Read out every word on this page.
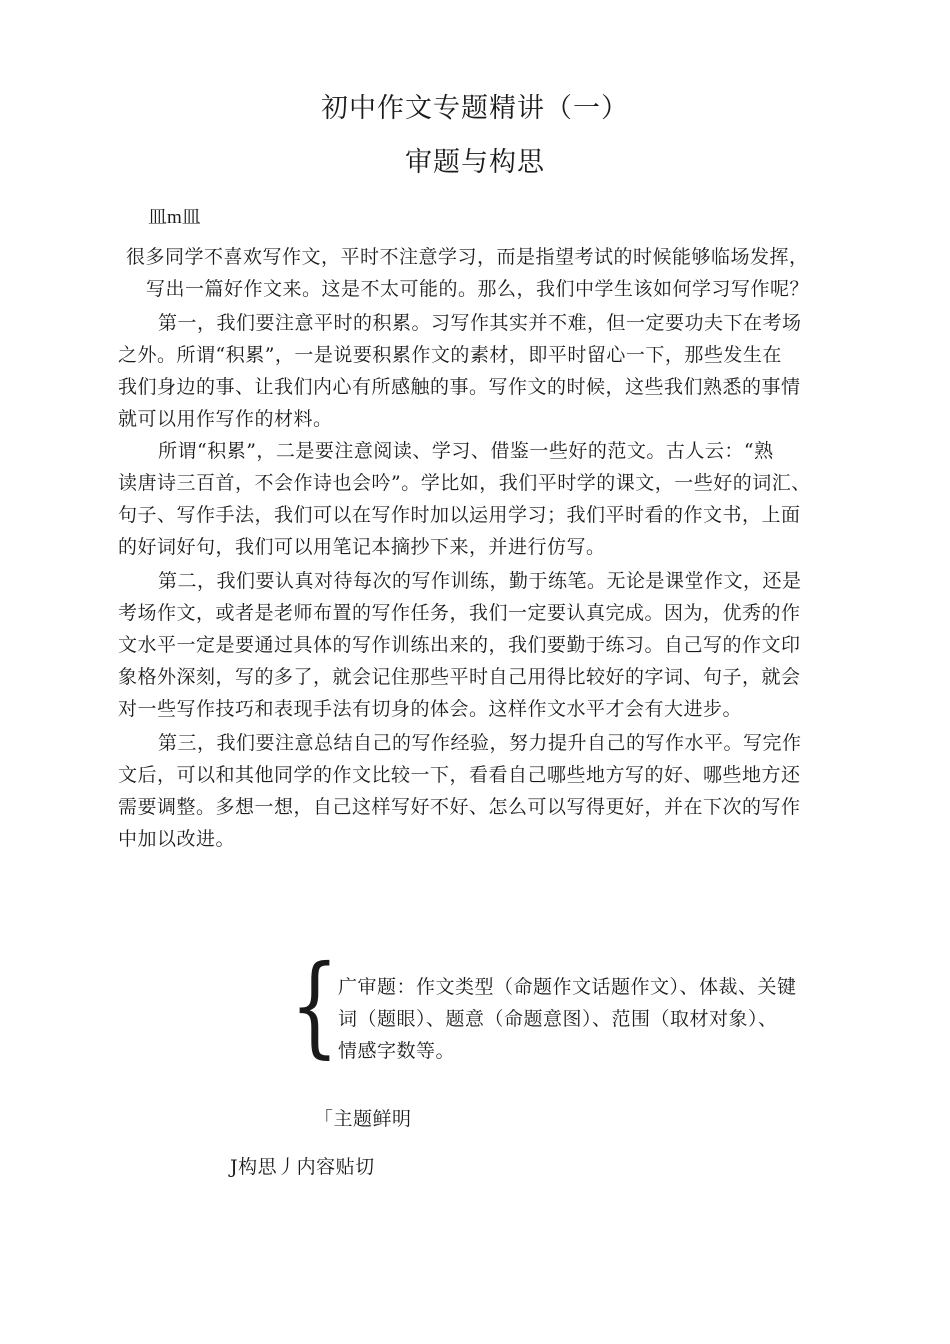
初中作文专题精讲（一）
审题与构思
皿m皿
很多同学不喜欢写作文，平时不注意学习，而是指望考试的时候能够临场发挥，
写出一篇好作文来。这是不太可能的。那么，我们中学生该如何学习写作呢？
第一，我们要注意平时的积累。习写作其实并不难，但一定要功夫下在考场
之外。所谓“积累”，一是说要积累作文的素材，即平时留心一下，那些发生在
我们身边的事、让我们内心有所感触的事。写作文的时候，这些我们熟悉的事情
就可以用作写作的材料。
所谓“积累”，二是要注意阅读、学习、借鉴一些好的范文。古人云：“熟
读唐诗三百首，不会作诗也会吟”。学比如，我们平时学的课文，一些好的词汇、
句子、写作手法，我们可以在写作时加以运用学习；我们平时看的作文书，上面
的好词好句，我们可以用笔记本摘抄下来，并进行仿写。
第二，我们要认真对待每次的写作训练，勤于练笔。无论是课堂作文，还是
考场作文，或者是老师布置的写作任务，我们一定要认真完成。因为，优秀的作
文水平一定是要通过具体的写作训练出来的，我们要勤于练习。自己写的作文印
象格外深刻，写的多了，就会记住那些平时自己用得比较好的字词、句子，就会
对一些写作技巧和表现手法有切身的体会。这样作文水平才会有大进步。
第三，我们要注意总结自己的写作经验，努力提升自己的写作水平。写完作
文后，可以和其他同学的作文比较一下，看看自己哪些地方写的好、哪些地方还
需要调整。多想一想，自己这样写好不好、怎么可以写得更好，并在下次的写作
中加以改进。
{ 广审题：作文类型（命题作文话题作文）、体裁、关键
词（题眼）、题意（命题意图）、范围（取材对象）、
情感字数等。
「主题鲜明
J构思丿内容贴切
